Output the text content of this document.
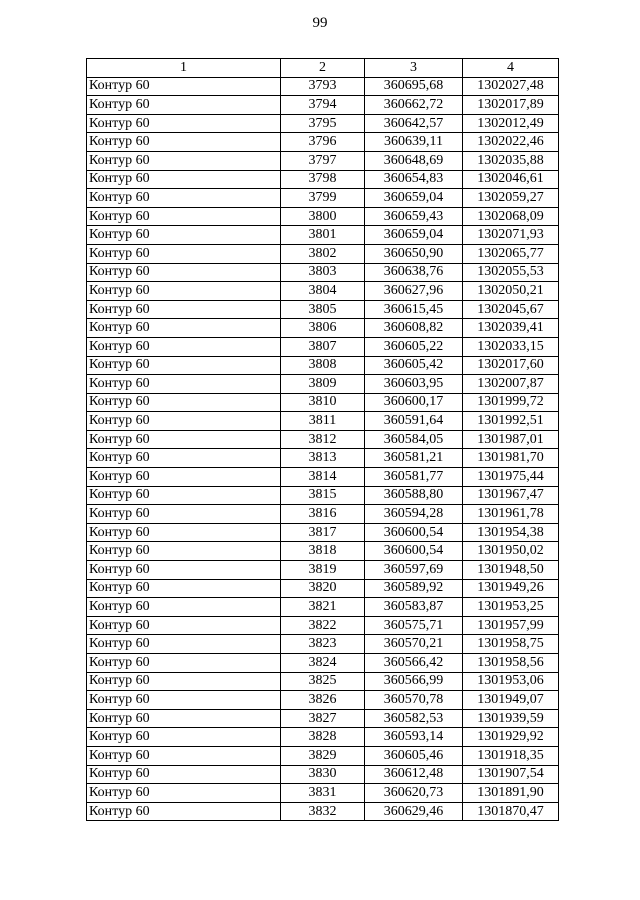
99
1	2	3	4
Контур 60	3793	360695,68	1302027,48
Контур 60	3794	360662,72	1302017,89
Контур 60	3795	360642,57	1302012,49
Контур 60	3796	360639,11	1302022,46
Контур 60	3797	360648,69	1302035,88
Контур 60	3798	360654,83	1302046,61
Контур 60	3799	360659,04	1302059,27
Контур 60	3800	360659,43	1302068,09
Контур 60	3801	360659,04	1302071,93
Контур 60	3802	360650,90	1302065,77
Контур 60	3803	360638,76	1302055,53
Контур 60	3804	360627,96	1302050,21
Контур 60	3805	360615,45	1302045,67
Контур 60	3806	360608,82	1302039,41
Контур 60	3807	360605,22	1302033,15
Контур 60	3808	360605,42	1302017,60
Контур 60	3809	360603,95	1302007,87
Контур 60	3810	360600,17	1301999,72
Контур 60	3811	360591,64	1301992,51
Контур 60	3812	360584,05	1301987,01
Контур 60	3813	360581,21	1301981,70
Контур 60	3814	360581,77	1301975,44
Контур 60	3815	360588,80	1301967,47
Контур 60	3816	360594,28	1301961,78
Контур 60	3817	360600,54	1301954,38
Контур 60	3818	360600,54	1301950,02
Контур 60	3819	360597,69	1301948,50
Контур 60	3820	360589,92	1301949,26
Контур 60	3821	360583,87	1301953,25
Контур 60	3822	360575,71	1301957,99
Контур 60	3823	360570,21	1301958,75
Контур 60	3824	360566,42	1301958,56
Контур 60	3825	360566,99	1301953,06
Контур 60	3826	360570,78	1301949,07
Контур 60	3827	360582,53	1301939,59
Контур 60	3828	360593,14	1301929,92
Контур 60	3829	360605,46	1301918,35
Контур 60	3830	360612,48	1301907,54
Контур 60	3831	360620,73	1301891,90
Контур 60	3832	360629,46	1301870,47
